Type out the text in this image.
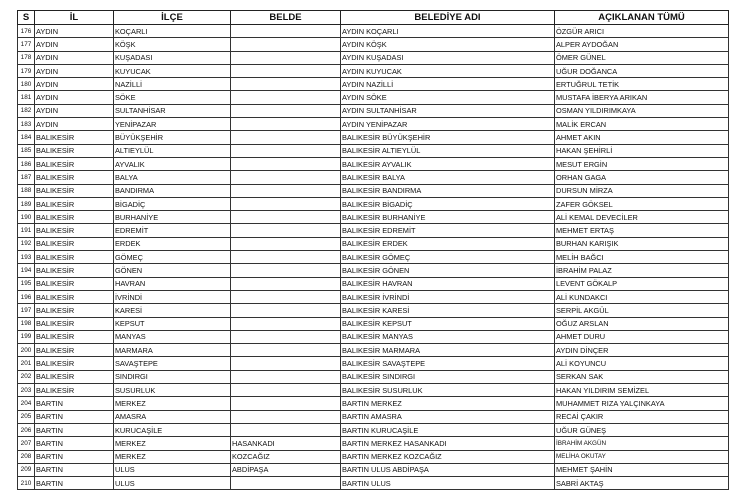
S	İL	İLÇE	BELDE	BELEDİYE ADI	AÇIKLANAN TÜMÜ
176	AYDIN	KOÇARLI		AYDIN KOÇARLI	ÖZGÜR ARICI
177	AYDIN	KÖŞK		AYDIN KÖŞK	ALPER AYDOĞAN
178	AYDIN	KUŞADASI		AYDIN KUŞADASI	ÖMER GÜNEL
179	AYDIN	KUYUCAK		AYDIN KUYUCAK	UĞUR DOĞANCA
180	AYDIN	NAZİLLİ		AYDIN NAZİLLİ	ERTUĞRUL TETİK
181	AYDIN	SÖKE		AYDIN SÖKE	MUSTAFA İBERYA ARIKAN
182	AYDIN	SULTANHİSAR		AYDIN SULTANHİSAR	OSMAN YILDIRIMKAYA
183	AYDIN	YENİPAZAR		AYDIN YENİPAZAR	MALİK ERCAN
184	BALIKESİR	BÜYÜKŞEHİR		BALIKESİR BÜYÜKŞEHİR	AHMET AKIN
185	BALIKESİR	ALTIEYLÜL		BALIKESİR ALTIEYLÜL	HAKAN ŞEHİRLİ
186	BALIKESİR	AYVALIK		BALIKESİR AYVALIK	MESUT ERGİN
187	BALIKESİR	BALYA		BALIKESİR BALYA	ORHAN GAGA
188	BALIKESİR	BANDIRMA		BALIKESİR BANDIRMA	DURSUN MİRZA
189	BALIKESİR	BİGADİÇ		BALIKESİR BİGADİÇ	ZAFER GÖKSEL
190	BALIKESİR	BURHANİYE		BALIKESİR BURHANİYE	ALİ KEMAL DEVECİLER
191	BALIKESİR	EDREMİT		BALIKESİR EDREMİT	MEHMET ERTAŞ
192	BALIKESİR	ERDEK		BALIKESİR ERDEK	BURHAN KARIŞIK
193	BALIKESİR	GÖMEÇ		BALIKESİR GÖMEÇ	MELİH BAĞCI
194	BALIKESİR	GÖNEN		BALIKESİR GÖNEN	İBRAHİM PALAZ
195	BALIKESİR	HAVRAN		BALIKESİR HAVRAN	LEVENT GÖKALP
196	BALIKESİR	İVRİNDİ		BALIKESİR İVRİNDİ	ALİ KUNDAKCI
197	BALIKESİR	KARESİ		BALIKESİR KARESİ	SERPİL AKGÜL
198	BALIKESİR	KEPSUT		BALIKESİR KEPSUT	OĞUZ ARSLAN
199	BALIKESİR	MANYAS		BALIKESİR MANYAS	AHMET DURU
200	BALIKESİR	MARMARA		BALIKESİR MARMARA	AYDIN DİNÇER
201	BALIKESİR	SAVAŞTEPE		BALIKESİR SAVAŞTEPE	ALİ KOYUNCU
202	BALIKESİR	SINDIRGI		BALIKESİR SINDIRGI	SERKAN SAK
203	BALIKESİR	SUSURLUK		BALIKESİR SUSURLUK	HAKAN YILDIRIM SEMİZEL
204	BARTIN	MERKEZ		BARTIN MERKEZ	MUHAMMET RIZA YALÇINKAYA
205	BARTIN	AMASRA		BARTIN AMASRA	RECAİ ÇAKIR
206	BARTIN	KURUCAŞİLE		BARTIN KURUCAŞİLE	UĞUR GÜNEŞ
207	BARTIN	MERKEZ	HASANKADI	BARTIN MERKEZ HASANKADI	İBRAHİM AKGÜN
208	BARTIN	MERKEZ	KOZCAĞIZ	BARTIN MERKEZ KOZCAĞIZ	MELİHA OKUTAY
209	BARTIN	ULUS	ABDİPAŞA	BARTIN ULUS ABDİPAŞA	MEHMET ŞAHİN
210	BARTIN	ULUS		BARTIN ULUS	SABRİ AKTAŞ
